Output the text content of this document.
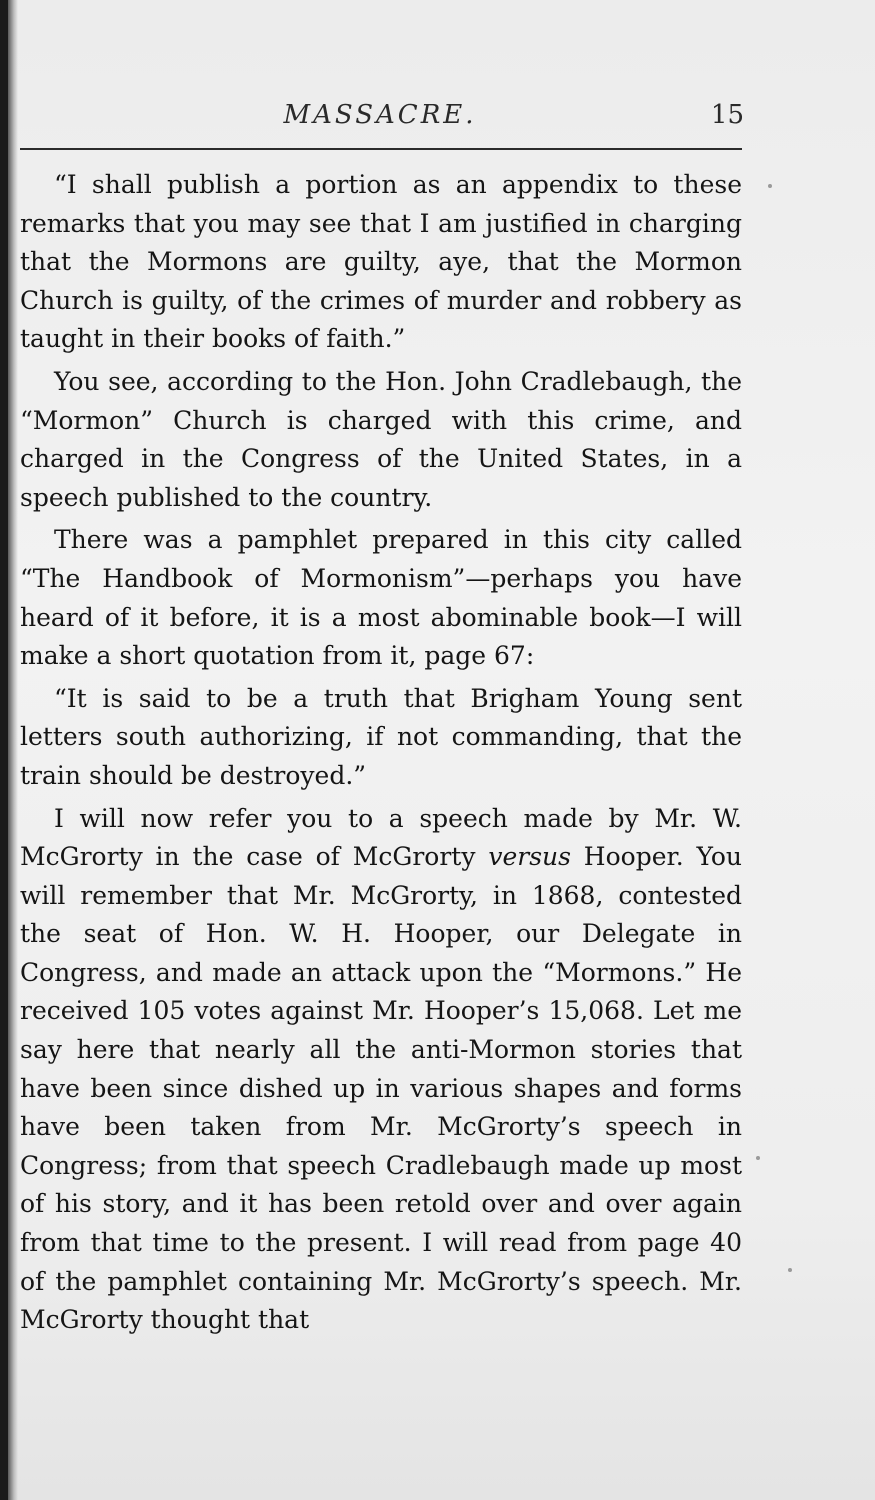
MASSACRE.	15

“I shall publish a portion as an appendix to these remarks that you may see that I am justified in charging that the Mormons are guilty, aye, that the Mormon Church is guilty, of the crimes of murder and robbery as taught in their books of faith.”

You see, according to the Hon. John Cradlebaugh, the “Mormon” Church is charged with this crime, and charged in the Congress of the United States, in a speech published to the country.

There was a pamphlet prepared in this city called “The Handbook of Mormonism”—perhaps you have heard of it before, it is a most abominable book—I will make a short quotation from it, page 67:

“It is said to be a truth that Brigham Young sent letters south authorizing, if not commanding, that the train should be destroyed.”

I will now refer you to a speech made by Mr. W. McGrorty in the case of McGrorty versus Hooper. You will remember that Mr. McGrorty, in 1868, contested the seat of Hon. W. H. Hooper, our Delegate in Congress, and made an attack upon the “Mormons.” He received 105 votes against Mr. Hooper’s 15,068. Let me say here that nearly all the anti-Mormon stories that have been since dished up in various shapes and forms have been taken from Mr. McGrorty’s speech in Congress; from that speech Cradlebaugh made up most of his story, and it has been retold over and over again from that time to the present. I will read from page 40 of the pamphlet containing Mr. McGrorty’s speech. Mr. McGrorty thought that
